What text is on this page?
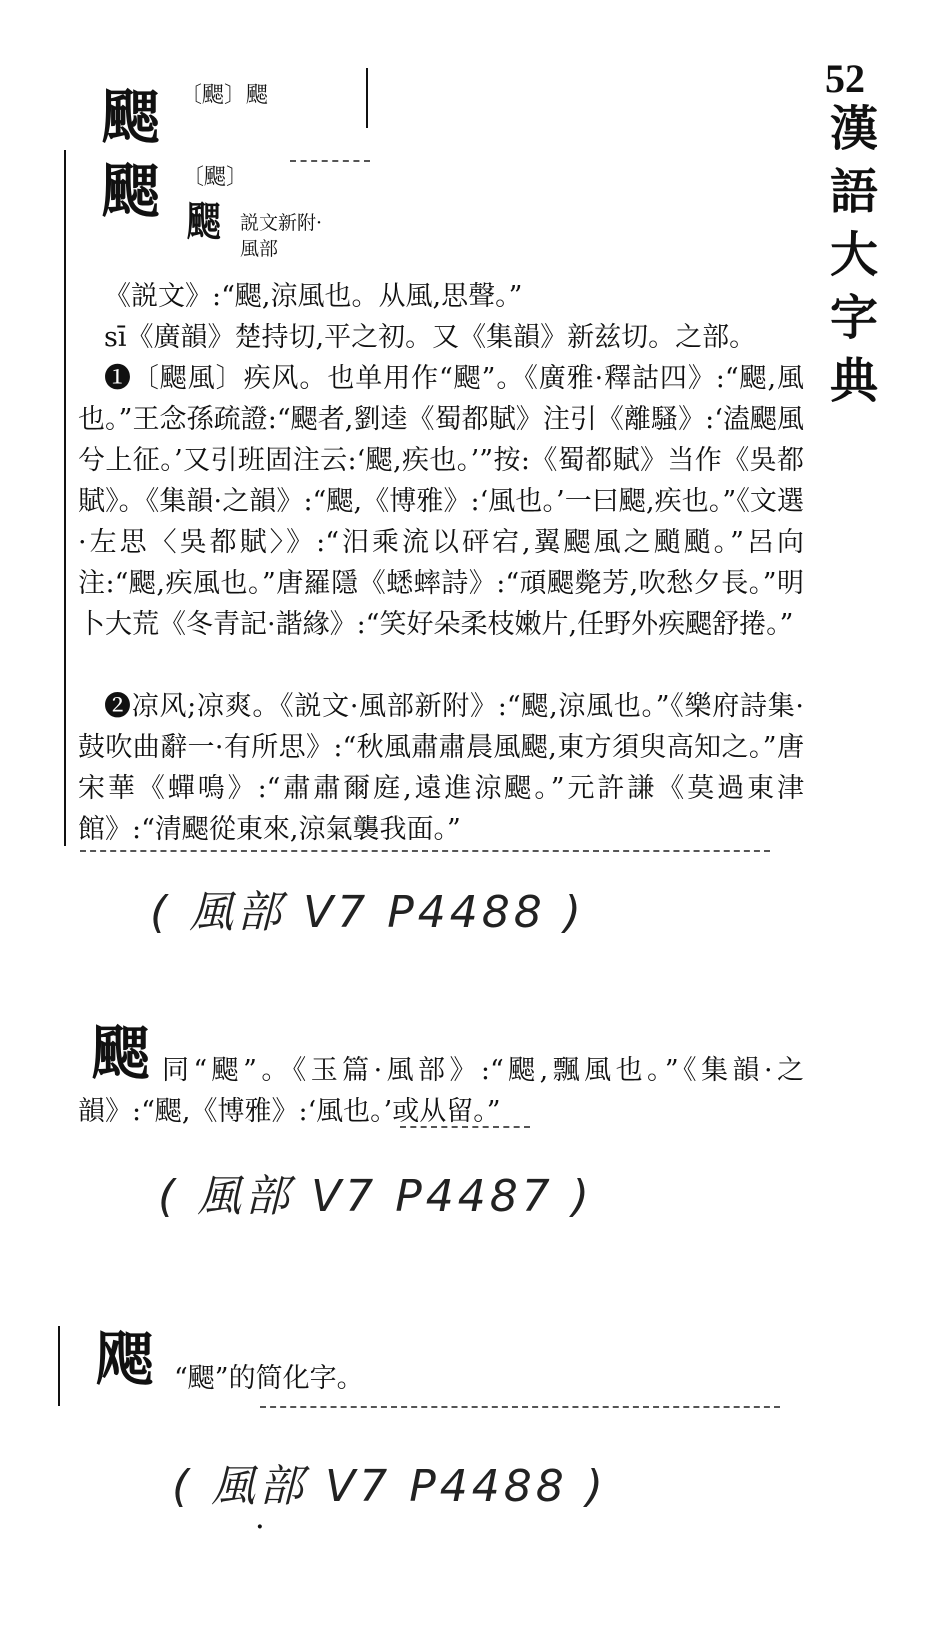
52
漢語大字典
颸 〔颸〕颸
颸 〔颸〕
颸 説文新附·
風部
《説文》:“颸,涼風也。从風,思聲。”
sī《廣韻》楚持切,平之初。又《集韻》新兹切。之部。
❶〔颸風〕疾风。也单用作“颸”。《廣雅·釋詁四》:“颸,風也。”王念孫疏證:“颸者,劉逵《蜀都賦》注引《離騷》:‘溘颸風兮上征。’又引班固注云:‘颸,疾也。’”按:《蜀都賦》当作《吳都賦》。《集韻·之韻》:“颸,《博雅》:‘風也。’一曰颸,疾也。”《文選·左思〈吳都賦〉》:“汨乘流以砰宕,翼颸風之颵颵。”呂向注:“颸,疾風也。”唐羅隱《蟋蟀詩》:“頑颸斃芳,吹愁夕長。”明卜大荒《冬青記·諧緣》:“笑好朵柔枝嫩片,任野外疾颸舒捲。”
❷凉风;凉爽。《説文·風部新附》:“颸,涼風也。”《樂府詩集·鼓吹曲辭一·有所思》:“秋風肅肅晨風颸,東方須臾高知之。”唐宋華《蟬鳴》:“肅肅爾庭,遠進涼颸。”元許謙《莫過東津館》:“清颸從東來,涼氣襲我面。”
( 風部 V7 P4488 )
颸 同“颸”。《玉篇·風部》:“颸,飄風也。”《集韻·之韻》:“颸,《博雅》:‘風也。’或从留。”
( 風部 V7 P4487 )
飔 “颸”的简化字。
( 風部 V7 P4488 )
·
